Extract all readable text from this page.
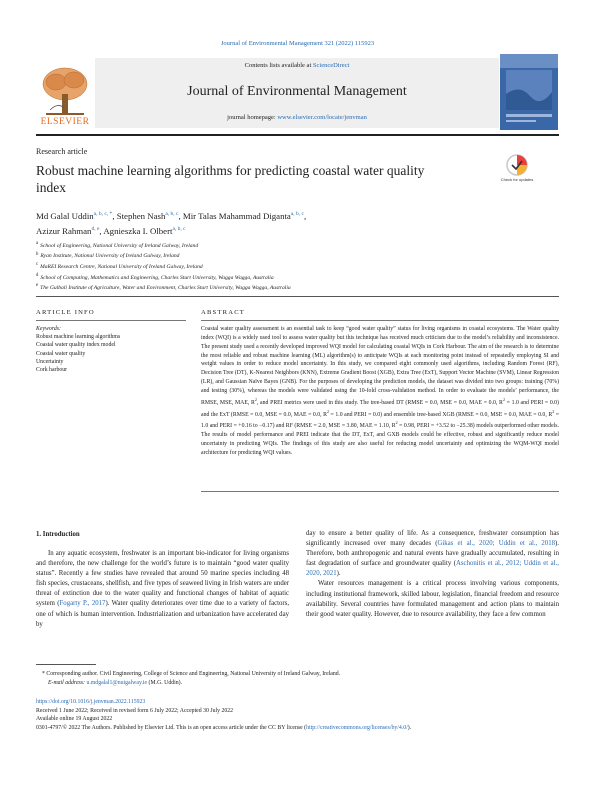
Journal of Environmental Management 321 (2022) 115923
Contents lists available at ScienceDirect
Journal of Environmental Management
journal homepage: www.elsevier.com/locate/jenvman
ELSEVIER
Research article
Robust machine learning algorithms for predicting coastal water quality index
Check for updates
Md Galal Uddin$^{a, b, c, *}$, Stephen Nash$^{a, b, c}$, Mir Talas Mahammad Diganta$^{a, b, c}$,
Azizur Rahman$^{d, e}$, Agnieszka I. Olbert$^{a, b, c}$
$^a$ School of Engineering, National University of Ireland Galway, Ireland
$^b$ Ryan Institute, National University of Ireland Galway, Ireland
$^c$ MaREI Research Centre, National University of Ireland Galway, Ireland
$^d$ School of Computing, Mathematics and Engineering, Charles Sturt University, Wagga Wagga, Australia
$^e$ The Gulbali Institute of Agriculture, Water and Environment, Charles Sturt University, Wagga Wagga, Australia
ARTICLE INFO
Keywords:
Robust machine learning algorithms
Coastal water quality index model
Coastal water quality
Uncertainty
Cork harbour
ABSTRACT
Coastal water quality assessment is an essential task to keep “good water quality” status for living organisms in coastal ecosystems. The Water quality index (WQI) is a widely used tool to assess water quality but this technique has received much criticism due to the model’s reliability and inconsistence. The present study used a recently developed improved WQI model for calculating coastal WQIs in Cork Harbour. The aim of the research is to determine the most reliable and robust machine learning (ML) algorithm(s) to anticipate WQIs at each monitoring point instead of repeatedly employing SI and weight values in order to reduce model uncertainty. In this study, we compared eight commonly used algorithms, including Random Forest (RF), Decision Tree (DT), K-Nearest Neighbors (KNN), Extreme Gradient Boost (XGB), Extra Tree (ExT), Support Vector Machine (SVM), Linear Regression (LR), and Gaussian Naïve Bayes (GNB). For the purposes of developing the prediction models, the dataset was divided into two groups: training (70%) and testing (30%), whereas the models were validated using the 10-fold cross-validation method. In order to evaluate the models’ performance, the RMSE, MSE, MAE, $R^2$, and PREI metrics were used in this study. The tree-based DT (RMSE = 0.0, MSE = 0.0, MAE = 0.0, $R^2 = 1.0$ and PERI = 0.0) and the ExT (RMSE = 0.0, MSE = 0.0, MAE = 0.0, $R^2 = 1.0$ and PERI = 0.0) and ensemble tree-based XGB (RMSE = 0.0, MSE = 0.0, MAE = 0.0, $R^2 = 1.0$ and PERI = +0.16 to −0.17) and RF (RMSE = 2.0, MSE = 3.80, MAE = 1.10, $R^2 = 0.98$, PERI = +3.52 to −25.38) models outperformed other models. The results of model performance and PREI indicate that the DT, ExT, and GXB models could be effective, robust and significantly reduce model uncertainty in predicting WQIs. The findings of this study are also useful for reducing model uncertainty and optimizing the WQM-WQI model architecture for predicting WQI values.
1. Introduction

In any aquatic ecosystem, freshwater is an important bio-indicator for living organisms and therefore, the new challenge for the world’s future is to maintain “good water quality status”. Recently a few studies have revealed that around 50 marine species including 48 fish species, crustaceans, shellfish, and five types of seaweed living in Irish waters are under threat of extinction due to the water quality and functional changes of habitat of aquatic system (Fogarty P., 2017). Water quality deteriorates over time due to a variety of factors, one of which is human intervention. Industrialization and urbanization have accelerated day by

day to ensure a better quality of life. As a consequence, freshwater consumption has significantly increased over many decades (Gikas et al., 2020; Uddin et al., 2018). Therefore, both anthropogenic and natural events have gradually accumulated, resulting in fast degradation of surface and groundwater quality (Aschonitis et al., 2012; Uddin et al., 2020, 2021).

Water resources management is a critical process involving various components, including institutional framework, skilled labour, legislation, financial freedom and resource availability. Several countries have formulated management and action plans to maintain their good water quality. However, due to resource availability, they face a few common

* Corresponding author. Civil Engineering, College of Science and Engineering, National University of Ireland Galway, Ireland.
E-mail address: u.mdgalal1@nuigalway.ie (M.G. Uddin).
https://doi.org/10.1016/j.jenvman.2022.115923
Received 1 June 2022; Received in revised form 6 July 2022; Accepted 30 July 2022
Available online 19 August 2022
0301-4797/© 2022 The Authors. Published by Elsevier Ltd. This is an open access article under the CC BY license (http://creativecommons.org/licenses/by/4.0/).
